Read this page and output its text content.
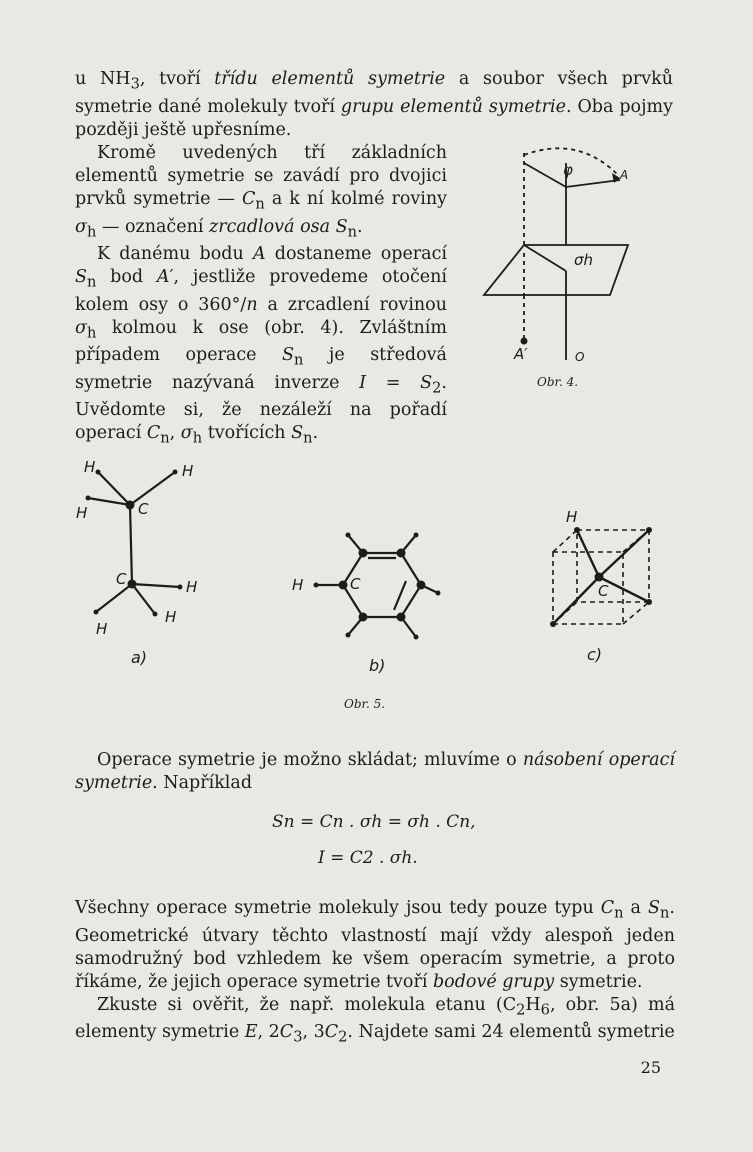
u $NH_3$, tvoří třídu elementů symetrie a soubor všech prvků symetrie dané molekuly tvoří grupu elementů symetrie. Oba pojmy později ještě upřesníme.

Kromě uvedených tří základních elementů symetrie se zavádí pro dvojici prvků symetrie — $C_n$ a k ní kolmé roviny $\sigma_h$ — označení zrcadlová osa $S_n$.

K danému bodu A dostaneme operací $S_n$ bod A′, jestliže provedeme otočení kolem osy o 360°/n a zrcadlení rovinou $\sigma_h$ kolmou k ose (obr. 4). Zvláštním případem operace $S_n$ je středová symetrie nazývaná inverze $I = S_2$. Uvědomte si, že nezáleží na pořadí operací $C_n$, $\sigma_h$ tvořících $S_n$.

φ	A
σh
A′	O
Obr. 4.
H	H
H	C
C	H
H
H
a)
H	C
b)
H
C
c)
Obr. 5.

Operace symetrie je možno skládat; mluvíme o násobení operací symetrie. Například

Sn = Cn . σh = σh . Cn,
I = C2 . σh.

Všechny operace symetrie molekuly jsou tedy pouze typu $C_n$ a $S_n$. Geometrické útvary těchto vlastností mají vždy alespoň jeden samodružný bod vzhledem ke všem operacím symetrie, a proto říkáme, že jejich operace symetrie tvoří bodové grupy symetrie.

Zkuste si ověřit, že např. molekula etanu ($C_2H_6$, obr. 5a) má elementy symetrie E, $2C_3$, $3C_2$. Najdete sami 24 elementů symetrie

25
